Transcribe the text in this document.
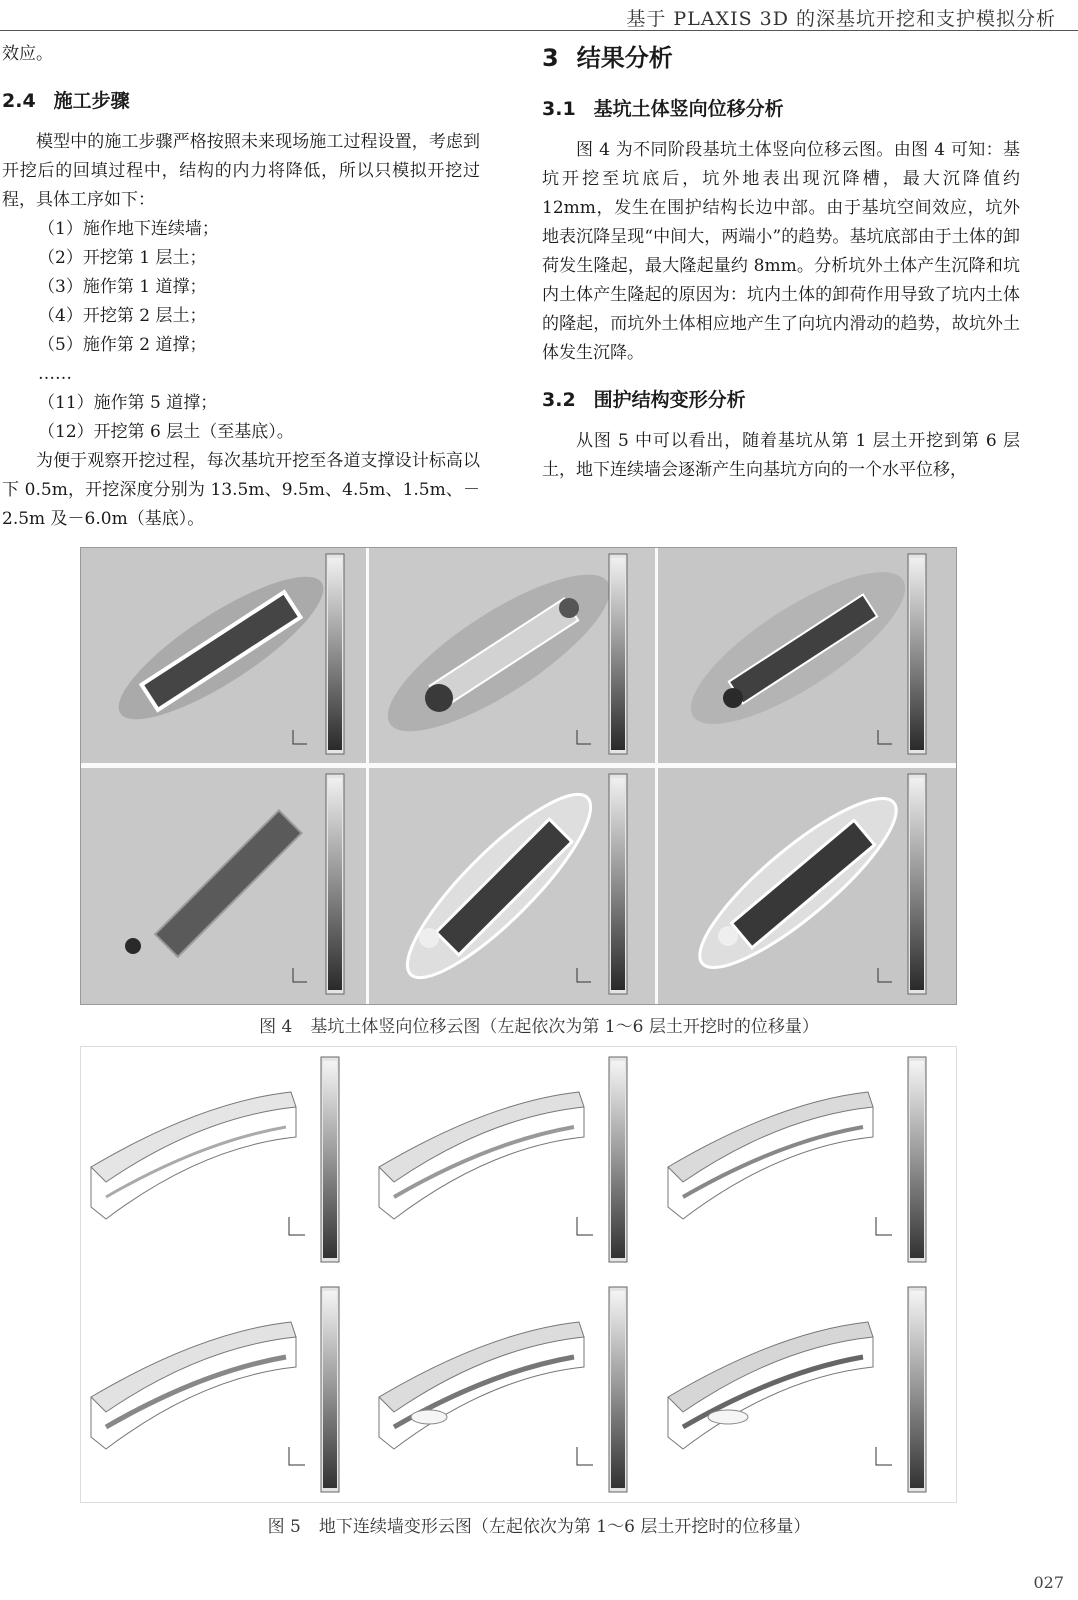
基于 PLAXIS 3D 的深基坑开挖和支护模拟分析

效应。

2.4 施工步骤

模型中的施工步骤严格按照未来现场施工过程设置，考虑到开挖后的回填过程中，结构的内力将降低，所以只模拟开挖过程，具体工序如下：

（1）施作地下连续墙；

（2）开挖第 1 层土；

（3）施作第 1 道撑；

（4）开挖第 2 层土；

（5）施作第 2 道撑；

……

（11）施作第 5 道撑；

（12）开挖第 6 层土（至基底）。

为便于观察开挖过程，每次基坑开挖至各道支撑设计标高以下 0.5m，开挖深度分别为 13.5m、9.5m、4.5m、1.5m、－2.5m 及－6.0m（基底）。

3 结果分析
3.1 基坑土体竖向位移分析

图 4 为不同阶段基坑土体竖向位移云图。由图 4 可知：基坑开挖至坑底后，坑外地表出现沉降槽，最大沉降值约 12mm，发生在围护结构长边中部。由于基坑空间效应，坑外地表沉降呈现“中间大，两端小”的趋势。基坑底部由于土体的卸荷发生隆起，最大隆起量约 8mm。分析坑外土体产生沉降和坑内土体产生隆起的原因为：坑内土体的卸荷作用导致了坑内土体的隆起，而坑外土体相应地产生了向坑内滑动的趋势，故坑外土体发生沉降。

3.2 围护结构变形分析

从图 5 中可以看出，随着基坑从第 1 层土开挖到第 6 层土，地下连续墙会逐渐产生向基坑方向的一个水平位移，

图 4 基坑土体竖向位移云图（左起依次为第 1～6 层土开挖时的位移量）
图 5 地下连续墙变形云图（左起依次为第 1～6 层土开挖时的位移量）
027
